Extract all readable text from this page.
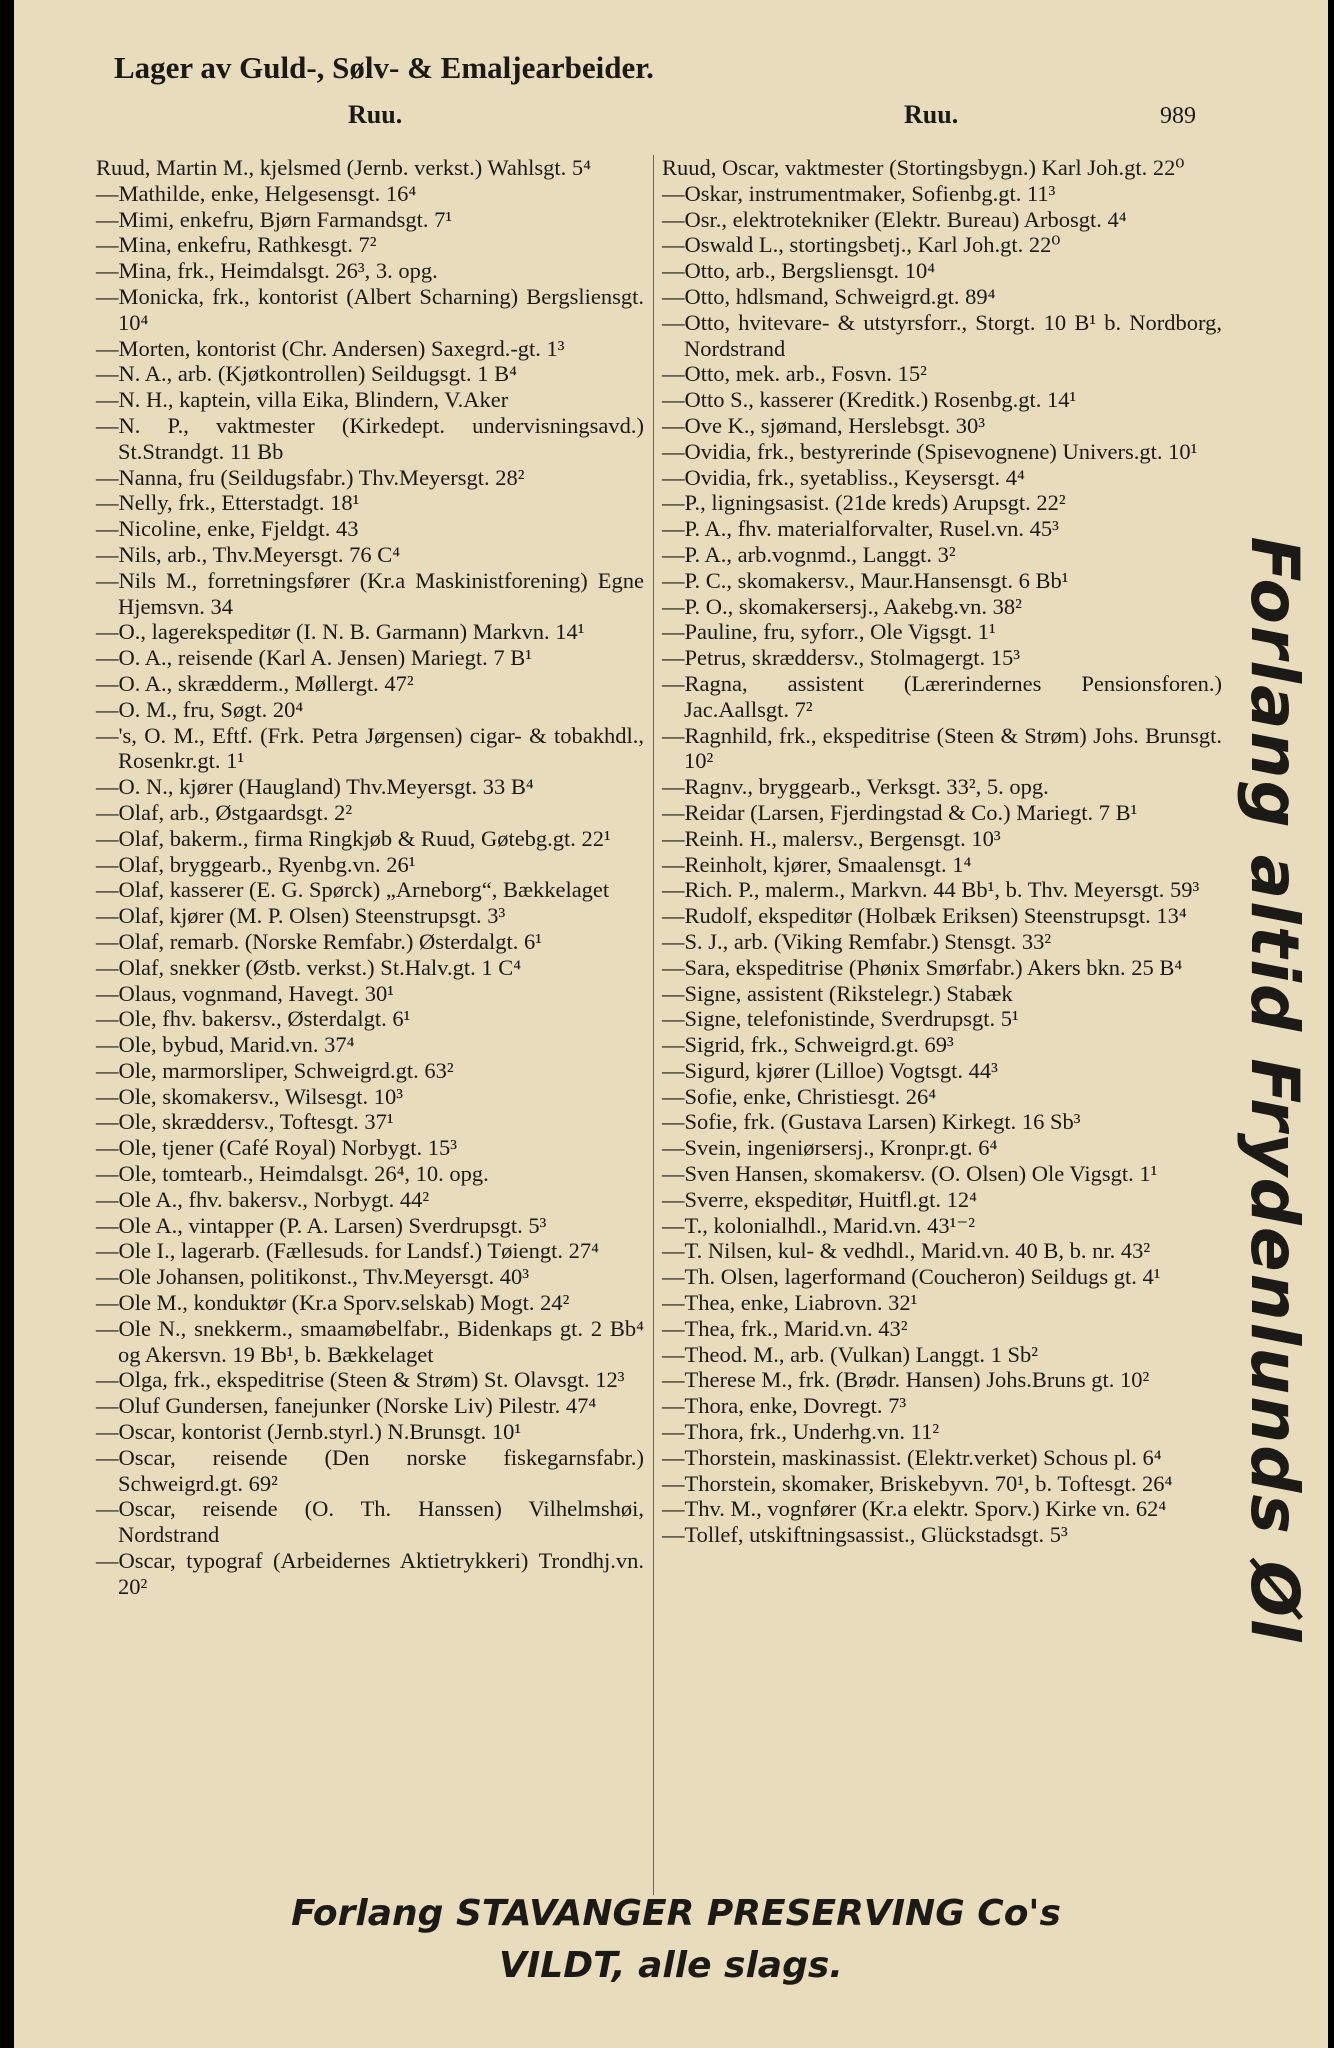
Lager av Guld-, Sølv- & Emaljearbeider.
Ruu.	Ruu.	989
Ruud, Martin M., kjelsmed (Jernb. verkst.) Wahlsgt. 5⁴
—Mathilde, enke, Helgesensgt. 16⁴
—Mimi, enkefru, Bjørn Farmandsgt. 7¹
—Mina, enkefru, Rathkesgt. 7²
—Mina, frk., Heimdalsgt. 26³, 3. opg.
—Monicka, frk., kontorist (Albert Scharning) Bergsliensgt. 10⁴
—Morten, kontorist (Chr. Andersen) Saxegrd.-gt. 1³
—N. A., arb. (Kjøtkontrollen) Seildugsgt. 1 B⁴
—N. H., kaptein, villa Eika, Blindern, V.Aker
—N. P., vaktmester (Kirkedept. undervisningsavd.) St.Strandgt. 11 Bb
—Nanna, fru (Seildugsfabr.) Thv.Meyersgt. 28²
—Nelly, frk., Etterstadgt. 18¹
—Nicoline, enke, Fjeldgt. 43
—Nils, arb., Thv.Meyersgt. 76 C⁴
—Nils M., forretningsfører (Kr.a Maskinistforening) Egne Hjemsvn. 34
—O., lagerekspeditør (I. N. B. Garmann) Markvn. 14¹
—O. A., reisende (Karl A. Jensen) Mariegt. 7 B¹
—O. A., skrædderm., Møllergt. 47²
—O. M., fru, Søgt. 20⁴
—'s, O. M., Eftf. (Frk. Petra Jørgensen) cigar- & tobakhdl., Rosenkr.gt. 1¹
—O. N., kjører (Haugland) Thv.Meyersgt. 33 B⁴
—Olaf, arb., Østgaardsgt. 2²
—Olaf, bakerm., firma Ringkjøb & Ruud, Gøtebg.gt. 22¹
—Olaf, bryggearb., Ryenbg.vn. 26¹
—Olaf, kasserer (E. G. Spørck) „Arneborg“, Bækkelaget
—Olaf, kjører (M. P. Olsen) Steenstrupsgt. 3³
—Olaf, remarb. (Norske Remfabr.) Østerdalgt. 6¹
—Olaf, snekker (Østb. verkst.) St.Halv.gt. 1 C⁴
—Olaus, vognmand, Havegt. 30¹
—Ole, fhv. bakersv., Østerdalgt. 6¹
—Ole, bybud, Marid.vn. 37⁴
—Ole, marmorsliper, Schweigrd.gt. 63²
—Ole, skomakersv., Wilsesgt. 10³
—Ole, skræddersv., Toftesgt. 37¹
—Ole, tjener (Café Royal) Norbygt. 15³
—Ole, tomtearb., Heimdalsgt. 26⁴, 10. opg.
—Ole A., fhv. bakersv., Norbygt. 44²
—Ole A., vintapper (P. A. Larsen) Sverdrupsgt. 5³
—Ole I., lagerarb. (Fællesuds. for Landsf.) Tøiengt. 27⁴
—Ole Johansen, politikonst., Thv.Meyersgt. 40³
—Ole M., konduktør (Kr.a Sporv.selskab) Mogt. 24²
—Ole N., snekkerm., smaamøbelfabr., Bidenkaps gt. 2 Bb⁴ og Akersvn. 19 Bb¹, b. Bækkelaget
—Olga, frk., ekspeditrise (Steen & Strøm) St. Olavsgt. 12³
—Oluf Gundersen, fanejunker (Norske Liv) Pilestr. 47⁴
—Oscar, kontorist (Jernb.styrl.) N.Brunsgt. 10¹
—Oscar, reisende (Den norske fiskegarnsfabr.) Schweigrd.gt. 69²
—Oscar, reisende (O. Th. Hanssen) Vilhelmshøi, Nordstrand
—Oscar, typograf (Arbeidernes Aktietrykkeri) Trondhj.vn. 20²
Ruud, Oscar, vaktmester (Stortingsbygn.) Karl Joh.gt. 22⁰
—Oskar, instrumentmaker, Sofienbg.gt. 11³
—Osr., elektrotekniker (Elektr. Bureau) Arbosgt. 4⁴
—Oswald L., stortingsbetj., Karl Joh.gt. 22⁰
—Otto, arb., Bergsliensgt. 10⁴
—Otto, hdlsmand, Schweigrd.gt. 89⁴
—Otto, hvitevare- & utstyrsforr., Storgt. 10 B¹ b. Nordborg, Nordstrand
—Otto, mek. arb., Fosvn. 15²
—Otto S., kasserer (Kreditk.) Rosenbg.gt. 14¹
—Ove K., sjømand, Herslebsgt. 30³
—Ovidia, frk., bestyrerinde (Spisevognene) Univers.gt. 10¹
—Ovidia, frk., syetabliss., Keysersgt. 4⁴
—P., ligningsasist. (21de kreds) Arupsgt. 22²
—P. A., fhv. materialforvalter, Rusel.vn. 45³
—P. A., arb.vognmd., Langgt. 3²
—P. C., skomakersv., Maur.Hansensgt. 6 Bb¹
—P. O., skomakersersj., Aakebg.vn. 38²
—Pauline, fru, syforr., Ole Vigsgt. 1¹
—Petrus, skræddersv., Stolmagergt. 15³
—Ragna, assistent (Lærerindernes Pensionsforen.) Jac.Aallsgt. 7²
—Ragnhild, frk., ekspeditrise (Steen & Strøm) Johs. Brunsgt. 10²
—Ragnv., bryggearb., Verksgt. 33², 5. opg.
—Reidar (Larsen, Fjerdingstad & Co.) Mariegt. 7 B¹
—Reinh. H., malersv., Bergensgt. 10³
—Reinholt, kjører, Smaalensgt. 1⁴
—Rich. P., malerm., Markvn. 44 Bb¹, b. Thv. Meyersgt. 59³
—Rudolf, ekspeditør (Holbæk Eriksen) Steenstrupsgt. 13⁴
—S. J., arb. (Viking Remfabr.) Stensgt. 33²
—Sara, ekspeditrise (Phønix Smørfabr.) Akers bkn. 25 B⁴
—Signe, assistent (Rikstelegr.) Stabæk
—Signe, telefonistinde, Sverdrupsgt. 5¹
—Sigrid, frk., Schweigrd.gt. 69³
—Sigurd, kjører (Lilloe) Vogtsgt. 44³
—Sofie, enke, Christiesgt. 26⁴
—Sofie, frk. (Gustava Larsen) Kirkegt. 16 Sb³
—Svein, ingeniørsersj., Kronpr.gt. 6⁴
—Sven Hansen, skomakersv. (O. Olsen) Ole Vigsgt. 1¹
—Sverre, ekspeditør, Huitfl.gt. 12⁴
—T., kolonialhdl., Marid.vn. 43¹⁻²
—T. Nilsen, kul- & vedhdl., Marid.vn. 40 B, b. nr. 43²
—Th. Olsen, lagerformand (Coucheron) Seildugs gt. 4¹
—Thea, enke, Liabrovn. 32¹
—Thea, frk., Marid.vn. 43²
—Theod. M., arb. (Vulkan) Langgt. 1 Sb²
—Therese M., frk. (Brødr. Hansen) Johs.Bruns gt. 10²
—Thora, enke, Dovregt. 7³
—Thora, frk., Underhg.vn. 11²
—Thorstein, maskinassist. (Elektr.verket) Schous pl. 6⁴
—Thorstein, skomaker, Briskebyvn. 70¹, b. Toftesgt. 26⁴
—Thv. M., vognfører (Kr.a elektr. Sporv.) Kirke vn. 62⁴
—Tollef, utskiftningsassist., Glückstadsgt. 5³	Forlang altid Frydenlunds Øl
Forlang STAVANGER PRESERVING Co's
VILDT, alle slags.
